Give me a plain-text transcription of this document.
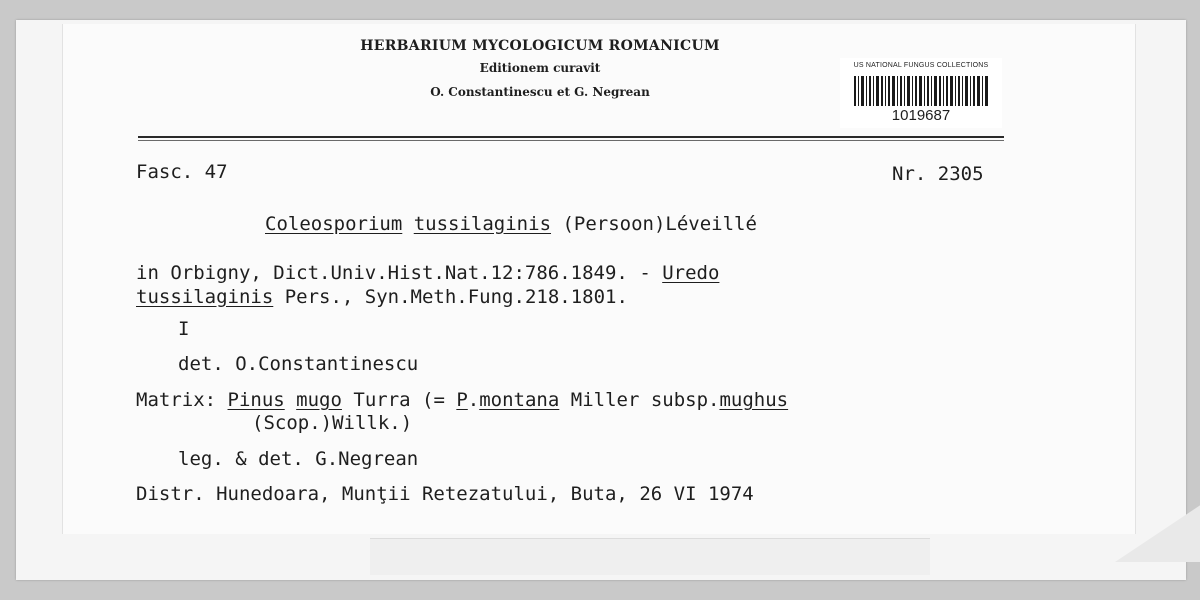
HERBARIUM MYCOLOGICUM ROMANICUM
Editionem curavit
O. Constantinescu et G. Negrean
US NATIONAL FUNGUS COLLECTIONS
1019687
Fasc. 47	Nr. 2305
Coleosporium tussilaginis (Persoon)Léveillé
in Orbigny, Dict.Univ.Hist.Nat.12:786.1849. - Uredo
tussilaginis Pers., Syn.Meth.Fung.218.1801.
I
det. O.Constantinescu
Matrix: Pinus mugo Turra (= P.montana Miller subsp.mughus
(Scop.)Willk.)
leg. & det. G.Negrean
Distr. Hunedoara, Munţii Retezatului, Buta, 26 VI 1974
